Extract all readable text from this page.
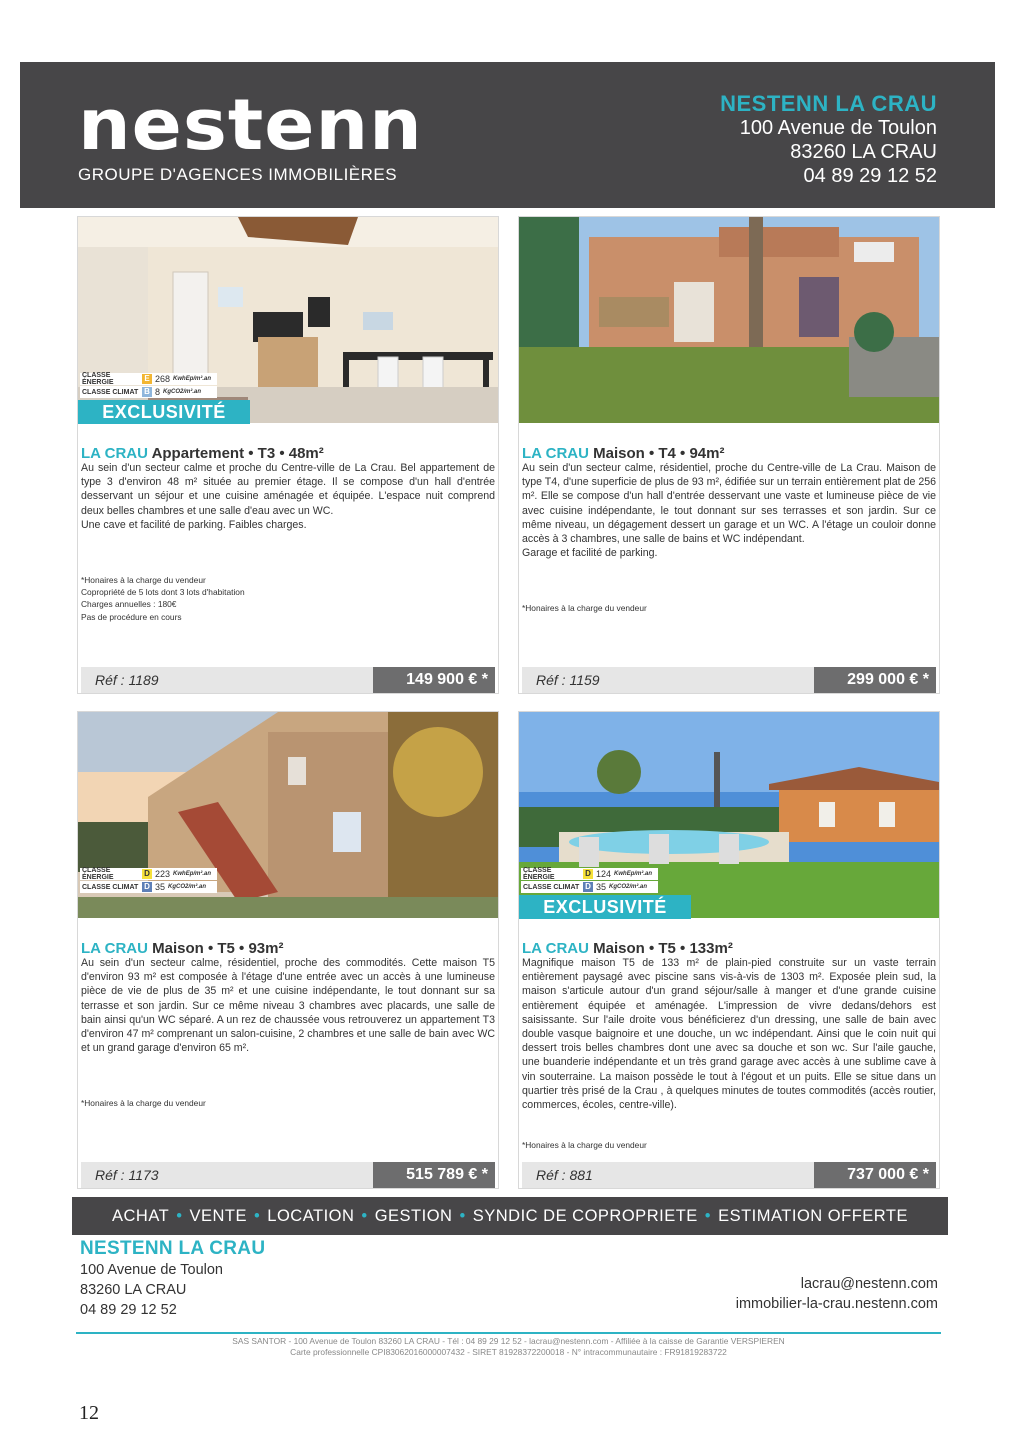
nestenn
GROUPE D'AGENCES IMMOBILIÈRES
NESTENN LA CRAU
100 Avenue de Toulon
83260 LA CRAU
04 89 29 12 52
CLASSE ÉNERGIE	E 268 KwhEp/m².an
CLASSE CLIMAT B 8 KgCO2/m².an
EXCLUSIVITÉ
LA CRAU Appartement • T3 • 48m²
Au sein d'un secteur calme et proche du Centre-ville de La Crau. Bel appartement de type 3 d'environ 48 m² située au premier étage. Il se compose d'un hall d'entrée desservant un séjour et une cuisine aménagée et équipée. L'espace nuit comprend deux belles chambres et une salle d'eau avec un WC.
Une cave et facilité de parking. Faibles charges.
*Honaires à la charge du vendeur
Copropriété de 5 lots dont 3 lots d'habitation
Charges annuelles : 180€
Pas de procédure en cours
Réf : 1189	149 900 € *
LA CRAU Maison • T4 • 94m²
Au sein d'un secteur calme, résidentiel, proche du Centre-ville de La Crau. Maison de type T4, d'une superficie de plus de 93 m², édifiée sur un terrain entièrement plat de 256 m². Elle se compose d'un hall d'entrée desservant une vaste et lumineuse pièce de vie avec cuisine indépendante, le tout donnant sur ses terrasses et son jardin. Sur ce même niveau, un dégagement dessert un garage et un WC. A l'étage un couloir donne accès à 3 chambres, une salle de bains et WC indépendant.
Garage et facilité de parking.
*Honaires à la charge du vendeur
Réf : 1159	299 000 € *
CLASSE ÉNERGIE	D 223 KwhEp/m².an
CLASSE CLIMAT D 35 KgCO2/m².an
LA CRAU Maison • T5 • 93m²
Au sein d'un secteur calme, résidentiel, proche des commodités. Cette maison T5 d'environ 93 m² est composée à l'étage d'une entrée avec un accès à une lumineuse pièce de vie de plus de 35 m² et une cuisine indépendante, le tout donnant sur sa terrasse et son jardin. Sur ce même niveau 3 chambres avec placards, une salle de bain ainsi qu'un WC séparé. A un rez de chaussée vous retrouverez un appartement T3 d'environ 47 m² comprenant un salon-cuisine, 2 chambres et une salle de bain avec WC et un grand garage d'environ 65 m².
*Honaires à la charge du vendeur
Réf : 1173	515 789 € *
CLASSE ÉNERGIE	D 124 KwhEp/m².an
CLASSE CLIMAT D 35 KgCO2/m².an
EXCLUSIVITÉ
LA CRAU Maison • T5 • 133m²
Magnifique maison T5 de 133 m² de plain-pied construite sur un vaste terrain entièrement paysagé avec piscine sans vis-à-vis de 1303 m². Exposée plein sud, la maison s'articule autour d'un grand séjour/salle à manger et d'une grande cuisine entièrement équipée et aménagée. L'impression de vivre dedans/dehors est saisissante. Sur l'aile droite vous bénéficierez d'un dressing, une salle de bain avec double vasque baignoire et une douche, un wc indépendant. Ainsi que le coin nuit qui dessert trois belles chambres dont une avec sa douche et son wc. Sur l'aile gauche, une buanderie indépendante et un très grand garage avec accès à une sublime cave à vin souterraine. La maison possède le tout à l'égout et un puits. Elle se situe dans un quartier très prisé de la Crau , à quelques minutes de toutes commodités (accès routier, commerces, écoles, centre-ville).
*Honaires à la charge du vendeur
Réf : 881	737 000 € *
ACHAT • VENTE • LOCATION • GESTION • SYNDIC DE COPROPRIETE • ESTIMATION OFFERTE
NESTENN LA CRAU
100 Avenue de Toulon
83260 LA CRAU
04 89 29 12 52
lacrau@nestenn.com
immobilier-la-crau.nestenn.com
SAS SANTOR - 100 Avenue de Toulon 83260 LA CRAU - Tél : 04 89 29 12 52 - lacrau@nestenn.com - Affiliée à la caisse de Garantie VERSPIEREN
Carte professionnelle CPI83062016000007432 - SIRET 81928372200018 - N° intracommunautaire : FR91819283722
12
